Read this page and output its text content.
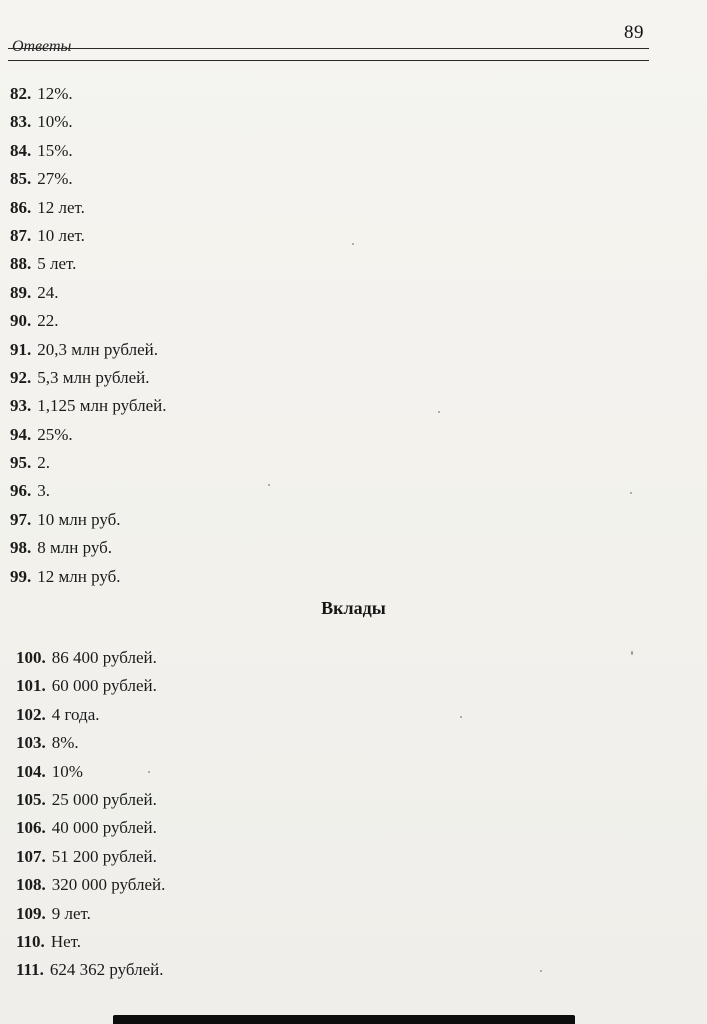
89
Ответы
82. 12%.
83. 10%.
84. 15%.
85. 27%.
86. 12 лет.
87. 10 лет.
88. 5 лет.
89. 24.
90. 22.
91. 20,3 млн рублей.
92. 5,3 млн рублей.
93. 1,125 млн рублей.
94. 25%.
95. 2.
96. 3.
97. 10 млн руб.
98. 8 млн руб.
99. 12 млн руб.
Вклады
100. 86 400 рублей.
101. 60 000 рублей.
102. 4 года.
103. 8%.
104. 10%
105. 25 000 рублей.
106. 40 000 рублей.
107. 51 200 рублей.
108. 320 000 рублей.
109. 9 лет.
110. Нет.
111. 624 362 рублей.
